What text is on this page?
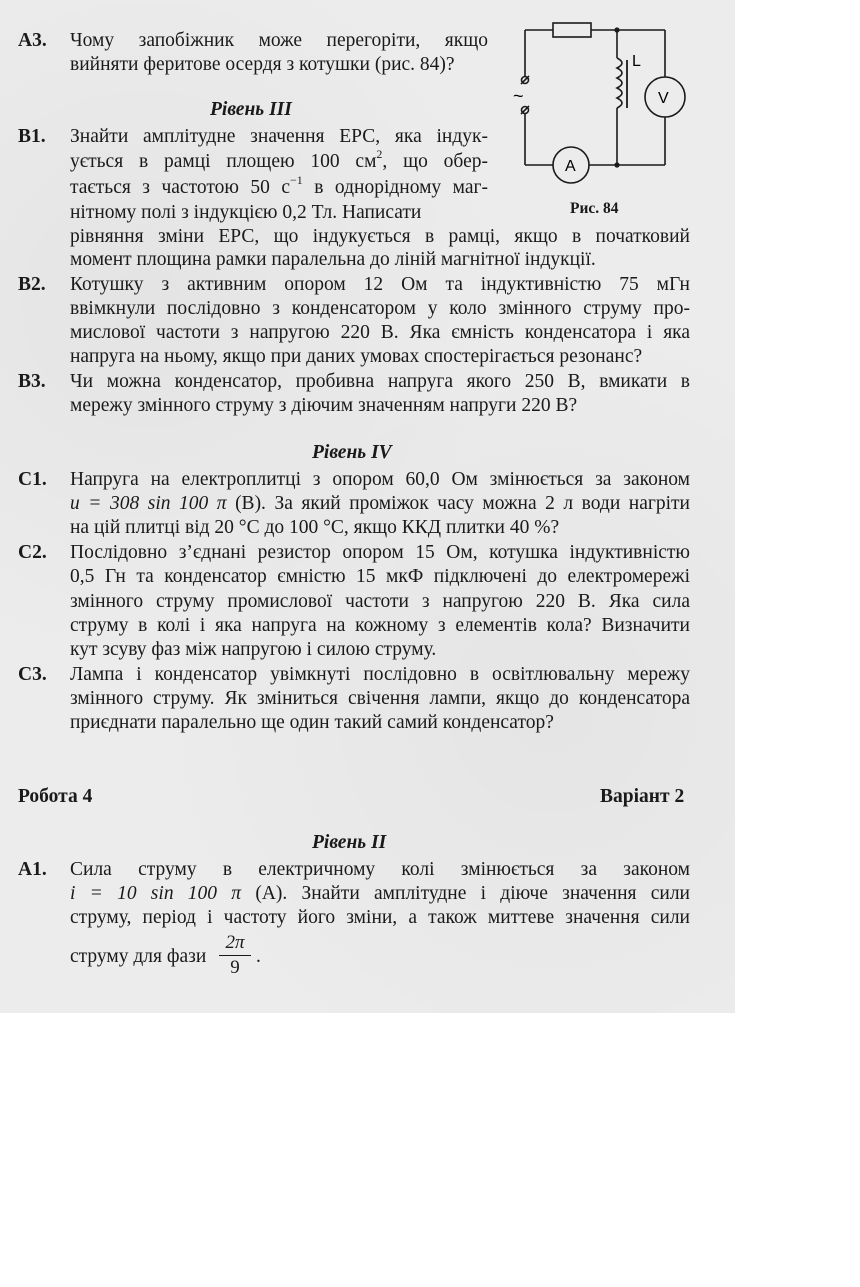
А3. Чому запобіжник може перегоріти, якщо
вийняти феритове осердя з котушки (рис. 84)?
~
L
V
A
Рис. 84
Рівень III
В1. Знайти амплітудне значення ЕРС, яка індук-
ується в рамці площею 100 $см^2$, що обер-
тається з частотою 50 $с^{-1}$ в однорідному маг-
нітному полі з індукцією 0,2 Тл. Написати
рівняння зміни ЕРС, що індукується в рамці, якщо в початковий
момент площина рамки паралельна до ліній магнітної індукції.
В2. Котушку з активним опором 12 Ом та індуктивністю 75 мГн
ввімкнули послідовно з конденсатором у коло змінного струму про-
мислової частоти з напругою 220 В. Яка ємність конденсатора і яка
напруга на ньому, якщо при даних умовах спостерігається резонанс?
В3. Чи можна конденсатор, пробивна напруга якого 250 В, вмикати в
мережу змінного струму з діючим значенням напруги 220 В?
Рівень IV
С1. Напруга на електроплитці з опором 60,0 Ом змінюється за законом
u = 308 sin 100 π (В). За який проміжок часу можна 2 л води нагріти
на цій плитці від 20 °С до 100 °С, якщо ККД плитки 40 %?
С2. Послідовно з’єднані резистор опором 15 Ом, котушка індуктивністю
0,5 Гн та конденсатор ємністю 15 мкФ підключені до електромережі
змінного струму промислової частоти з напругою 220 В. Яка сила
струму в колі і яка напруга на кожному з елементів кола? Визначити
кут зсуву фаз між напругою і силою струму.
С3. Лампа і конденсатор увімкнуті послідовно в освітлювальну мережу
змінного струму. Як зміниться свічення лампи, якщо до конденсатора
приєднати паралельно ще один такий самий конденсатор?
Робота 4	Варіант 2
Рівень II
А1. Сила струму в електричному колі змінюється за законом
i = 10 sin 100 π (А). Знайти амплітудне і діюче значення сили
струму, період і частоту його зміни, а також миттеве значення сили
струму для фази
2π
9
.
